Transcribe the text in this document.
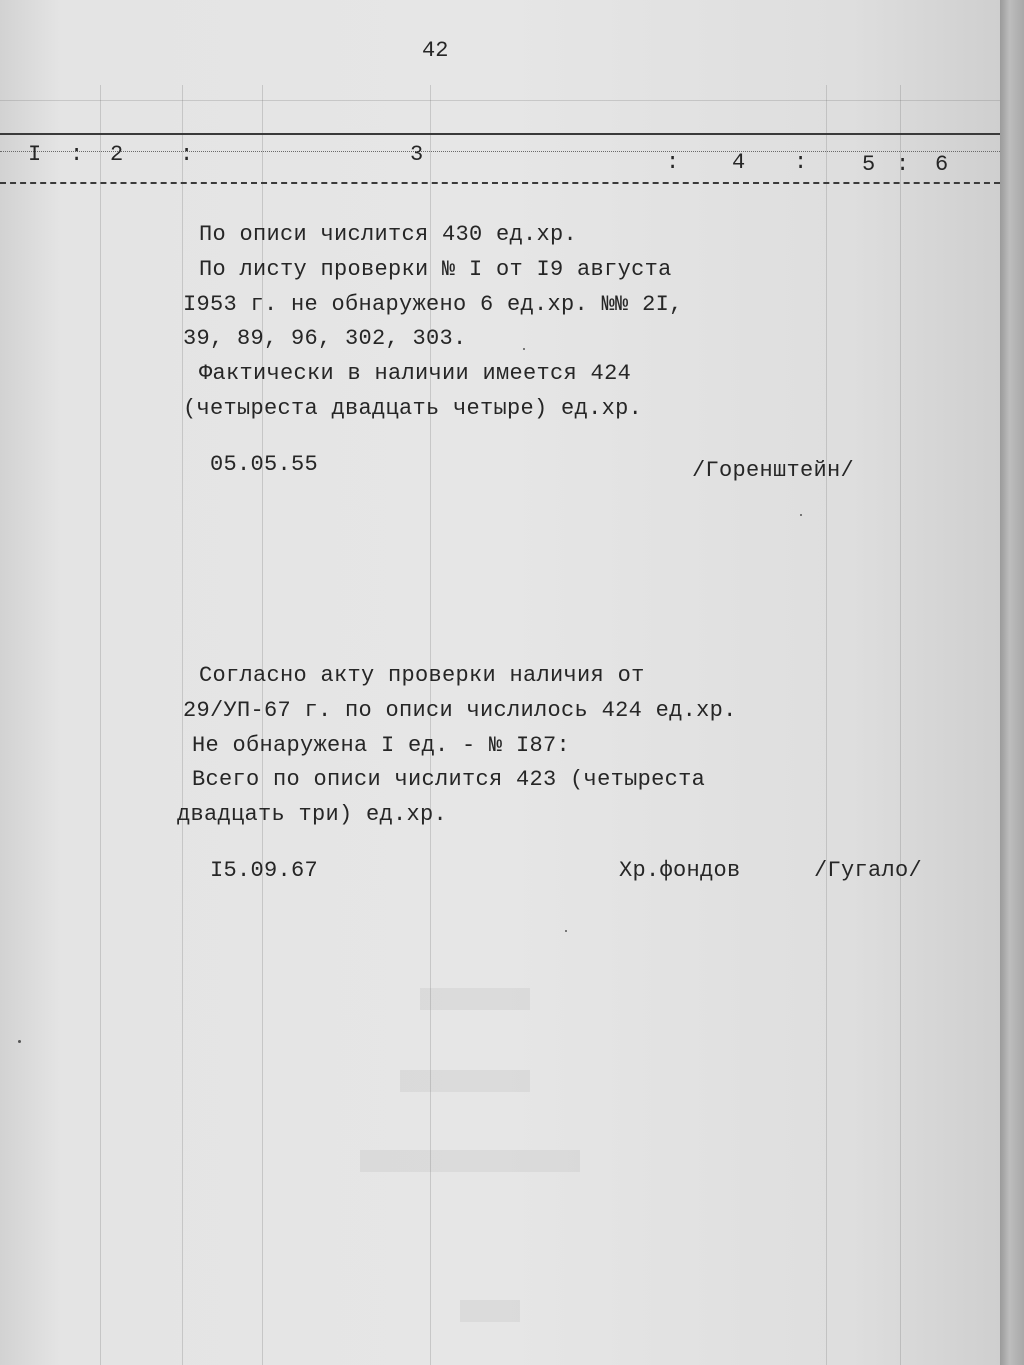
42
I : 2	:	3	: 4 : 5 : 6
По описи числится 430 ед.хр.
По листу проверки № I от I9 августа
I953 г. не обнаружено 6 ед.хр. №№ 2I,
39, 89, 96, 302, 303.
Фактически в наличии имеется 424
(четыреста двадцать четыре) ед.хр.
05.05.55	/Горенштейн/
Согласно акту проверки наличия от
29/УП-67 г. по описи числилось 424 ед.хр.
Не обнаружена I ед. - № I87:
Всего по описи числится 423 (четыреста
двадцать три) ед.хр.
I5.09.67	Хр.фондов	/Гугало/
